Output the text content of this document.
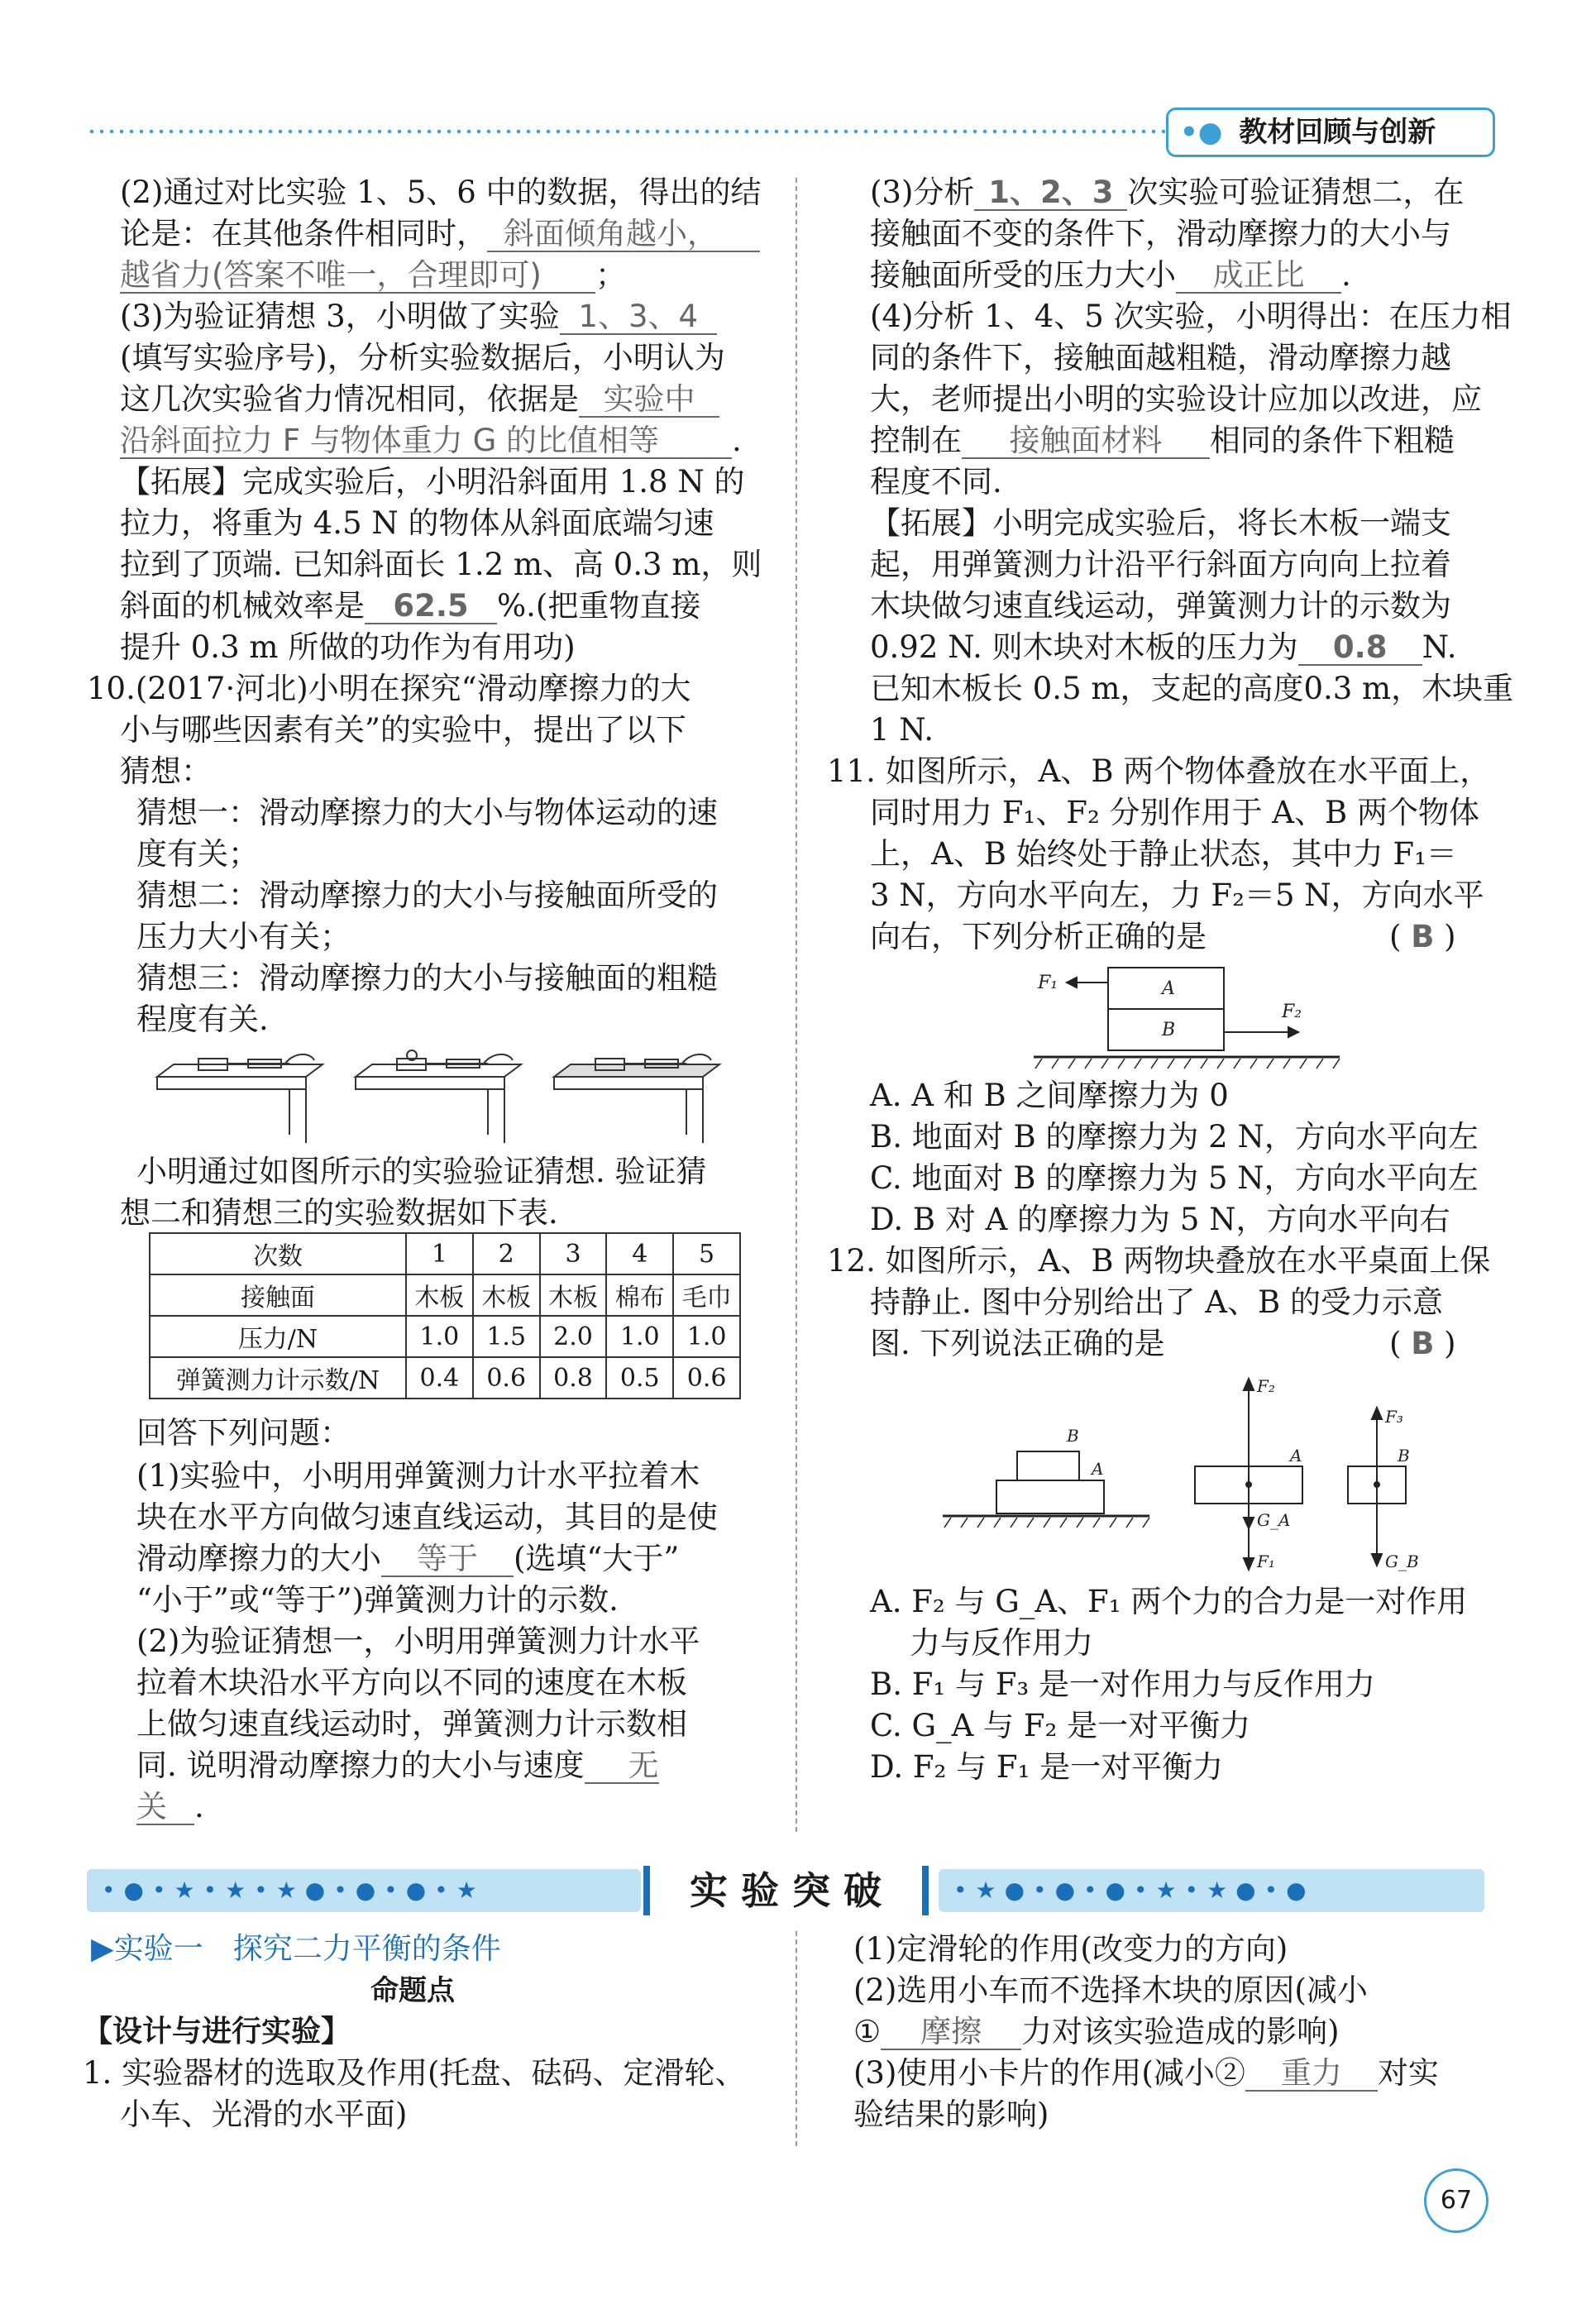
•● 教材回顾与创新
(2)通过对比实验 1、5、6 中的数据，得出的结
论是：在其他条件相同时， 斜面倾角越小，
越省力(答案不唯一，合理即可) ；
(3)为验证猜想 3，小明做了实验 1、3、4
(填写实验序号)，分析实验数据后，小明认为
这几次实验省力情况相同，依据是 实验中
沿斜面拉力 F 与物体重力 G 的比值相等 .
【拓展】完成实验后，小明沿斜面用 1.8 N 的
拉力，将重为 4.5 N 的物体从斜面底端匀速
拉到了顶端. 已知斜面长 1.2 m、高 0.3 m，则
斜面的机械效率是 62.5 %.(把重物直接
提升 0.3 m 所做的功作为有用功)
10.(2017·河北)小明在探究“滑动摩擦力的大
小与哪些因素有关”的实验中，提出了以下
猜想：
猜想一：滑动摩擦力的大小与物体运动的速
度有关；
猜想二：滑动摩擦力的大小与接触面所受的
压力大小有关；
猜想三：滑动摩擦力的大小与接触面的粗糙
程度有关.
小明通过如图所示的实验验证猜想. 验证猜
想二和猜想三的实验数据如下表.
次数	1	2	3	4	5
接触面	木板	木板	木板	棉布	毛巾
压力/N	1.0	1.5	2.0	1.0	1.0
弹簧测力计示数/N	0.4	0.6	0.8	0.5	0.6
回答下列问题：
(1)实验中，小明用弹簧测力计水平拉着木
块在水平方向做匀速直线运动，其目的是使
滑动摩擦力的大小 等于 (选填“大于”
“小于”或“等于”)弹簧测力计的示数.
(2)为验证猜想一，小明用弹簧测力计水平
拉着木块沿水平方向以不同的速度在木板
上做匀速直线运动时，弹簧测力计示数相
同. 说明滑动摩擦力的大小与速度 无
关 .
(3)分析 1、2、3 次实验可验证猜想二，在
接触面不变的条件下，滑动摩擦力的大小与
接触面所受的压力大小 成正比 .
(4)分析 1、4、5 次实验，小明得出：在压力相
同的条件下，接触面越粗糙，滑动摩擦力越
大，老师提出小明的实验设计应加以改进，应
控制在 接触面材料 相同的条件下粗糙
程度不同.
【拓展】小明完成实验后，将长木板一端支
起，用弹簧测力计沿平行斜面方向向上拉着
木块做匀速直线运动，弹簧测力计的示数为
0.92 N. 则木块对木板的压力为 0.8 N.
已知木板长 0.5 m，支起的高度0.3 m，木块重
1 N.
11. 如图所示，A、B 两个物体叠放在水平面上，
同时用力 F₁、F₂ 分别作用于 A、B 两个物体
上，A、B 始终处于静止状态，其中力 F₁＝
3 N，方向水平向左，力 F₂＝5 N，方向水平
向右，下列分析正确的是	( B )
A
B
F₁
F₂
A. A 和 B 之间摩擦力为 0
B. 地面对 B 的摩擦力为 2 N，方向水平向左
C. 地面对 B 的摩擦力为 5 N，方向水平向左
D. B 对 A 的摩擦力为 5 N，方向水平向右
12. 如图所示，A、B 两物块叠放在水平桌面上保
持静止. 图中分别给出了 A、B 的受力示意
图. 下列说法正确的是	( B )
B
A
F₂
A
G_A
F₁
F₃
B
G_B
A. F₂ 与 G_A、F₁ 两个力的合力是一对作用
力与反作用力
B. F₁ 与 F₃ 是一对作用力与反作用力
C. G_A 与 F₂ 是一对平衡力
D. F₂ 与 F₁ 是一对平衡力
•●•★•★•★●•●•●•★	实 验 突 破	•★●•●•●•★•★●•●
▶实验一　探究二力平衡的条件
命题点
【设计与进行实验】
1. 实验器材的选取及作用(托盘、砝码、定滑轮、
小车、光滑的水平面)
(1)定滑轮的作用(改变力的方向)
(2)选用小车而不选择木块的原因(减小
① 摩擦 力对该实验造成的影响)
(3)使用小卡片的作用(减小② 重力 对实
验结果的影响)
67
